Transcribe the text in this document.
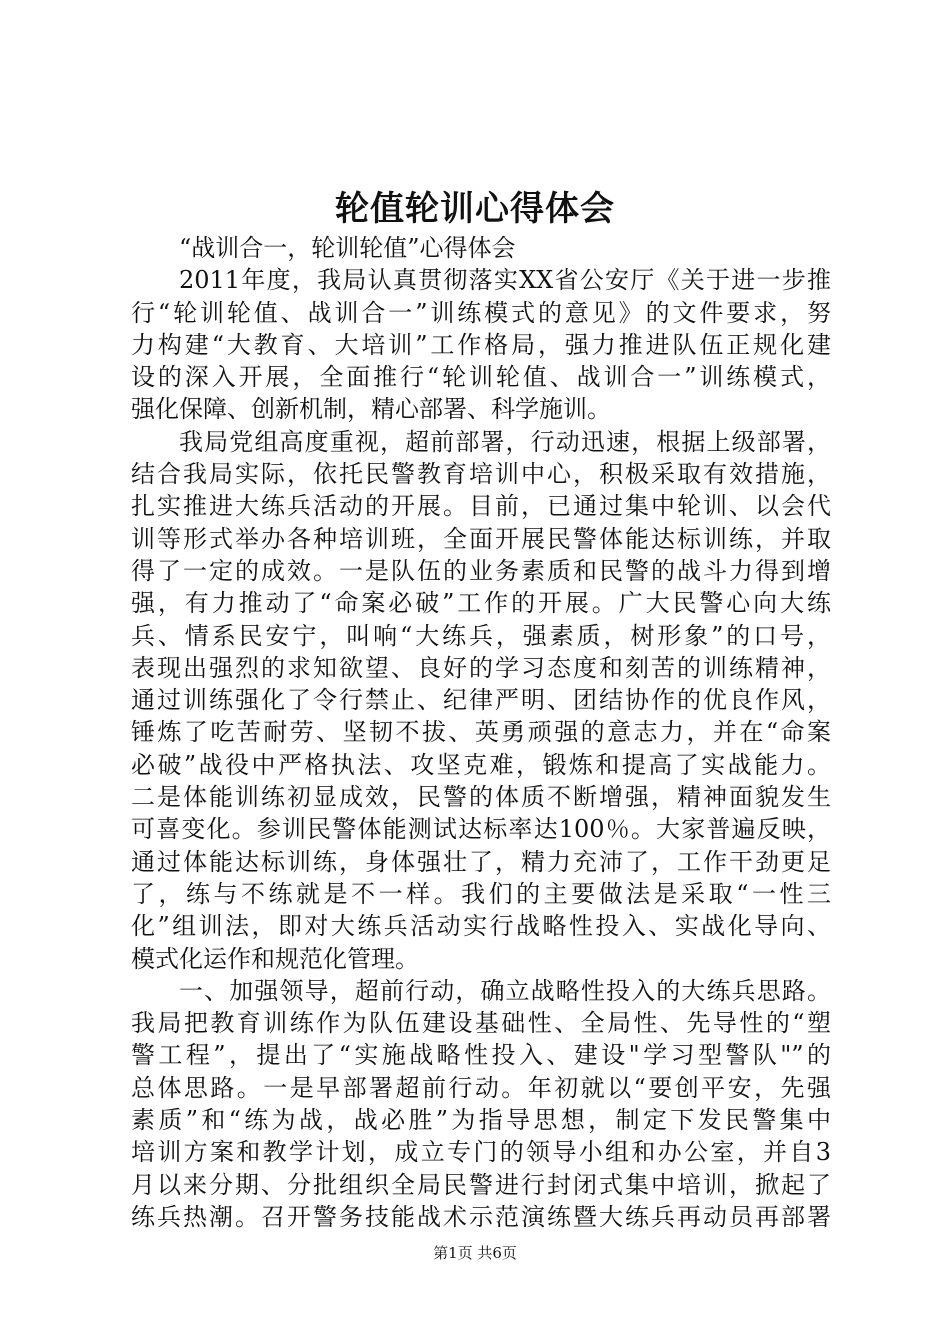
轮值轮训心得体会
“战训合一，轮训轮值”心得体会
2011年度，我局认真贯彻落实XX省公安厅《关于进一步推
行“轮训轮值、战训合一”训练模式的意见》的文件要求，努
力构建“大教育、大培训”工作格局，强力推进队伍正规化建
设的深入开展，全面推行“轮训轮值、战训合一”训练模式，
强化保障、创新机制，精心部署、科学施训。
我局党组高度重视，超前部署，行动迅速，根据上级部署，
结合我局实际，依托民警教育培训中心，积极采取有效措施，
扎实推进大练兵活动的开展。目前，已通过集中轮训、以会代
训等形式举办各种培训班，全面开展民警体能达标训练，并取
得了一定的成效。一是队伍的业务素质和民警的战斗力得到增
强，有力推动了“命案必破”工作的开展。广大民警心向大练
兵、情系民安宁，叫响“大练兵，强素质，树形象”的口号，
表现出强烈的求知欲望、良好的学习态度和刻苦的训练精神，
通过训练强化了令行禁止、纪律严明、团结协作的优良作风，
锤炼了吃苦耐劳、坚韧不拔、英勇顽强的意志力，并在“命案
必破”战役中严格执法、攻坚克难，锻炼和提高了实战能力。
二是体能训练初显成效，民警的体质不断增强，精神面貌发生
可喜变化。参训民警体能测试达标率达100％。大家普遍反映，
通过体能达标训练，身体强壮了，精力充沛了，工作干劲更足
了，练与不练就是不一样。我们的主要做法是采取“一性三
化”组训法，即对大练兵活动实行战略性投入、实战化导向、
模式化运作和规范化管理。
一、加强领导，超前行动，确立战略性投入的大练兵思路。
我局把教育训练作为队伍建设基础性、全局性、先导性的“塑
警工程”，提出了“实施战略性投入、建设"学习型警队"”的
总体思路。一是早部署超前行动。年初就以“要创平安，先强
素质”和“练为战，战必胜”为指导思想，制定下发民警集中
培训方案和教学计划，成立专门的领导小组和办公室，并自3
月以来分期、分批组织全局民警进行封闭式集中培训，掀起了
练兵热潮。召开警务技能战术示范演练暨大练兵再动员再部署
第1页 共6页
